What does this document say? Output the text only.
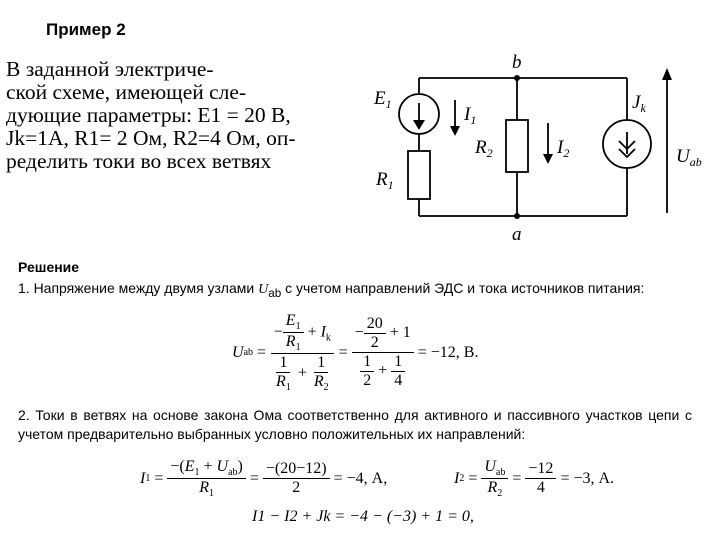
Пример 2

В заданной электриче-

ской схеме, имеющей сле-

дующие параметры: E1 = 20 В,

Jk=1A, R1= 2 Ом, R2=4 Ом, оп-

ределить токи во всех ветвях

b
a
$E_1$	$I_1$
$R_1$
$R_2$	$I_2$
$J_k$
$U_{ab}$
Решение
1. Напряжение между двумя узлами $U_{ab}$ с учетом направлений ЭДС и тока источников питания:
U ab = $\frac{- \frac{E_1}{R_1} + I_k}{\frac{1}{R_1} + \frac{1}{R_2}} = \frac{- \frac{20}{2} + 1}{\frac{1}{2} + \frac{1}{4}}$
= −12, В.
2. Токи в ветвях на основе закона Ома соответственно для активного и пассивного участков цепи с учетом предварительно выбранных условно положительных их направлений:
I $1 = \frac{-(E_1 + U_{ab})}{R_1} = \frac{-(20-12)}{2}$
= −4, А,	I $2 = \frac{U_{ab}}{R_2} = \frac{-12}{4}$
= −3, А.
I1 − I2 + Jk = −4 − (−3) + 1 = 0,
